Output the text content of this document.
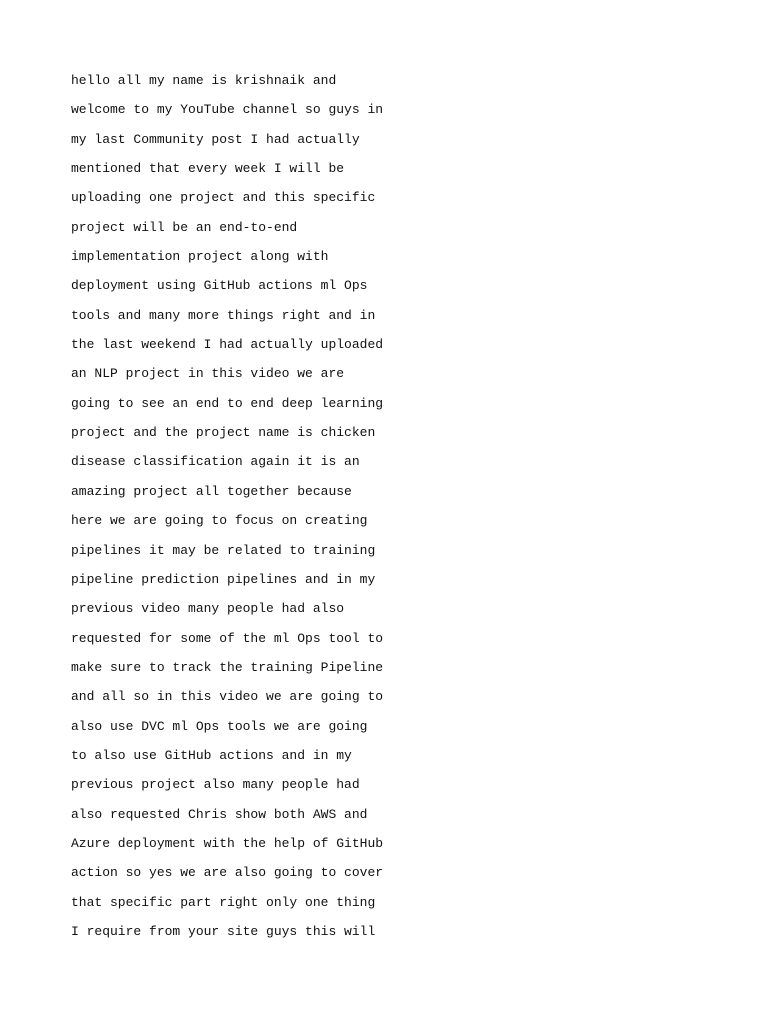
hello all my name is krishnaik and
welcome to my YouTube channel so guys in
my last Community post I had actually
mentioned that every week I will be
uploading one project and this specific
project will be an end-to-end
implementation project along with
deployment using GitHub actions ml Ops
tools and many more things right and in
the last weekend I had actually uploaded
an NLP project in this video we are
going to see an end to end deep learning
project and the project name is chicken
disease classification again it is an
amazing project all together because
here we are going to focus on creating
pipelines it may be related to training
pipeline prediction pipelines and in my
previous video many people had also
requested for some of the ml Ops tool to
make sure to track the training Pipeline
and all so in this video we are going to
also use DVC ml Ops tools we are going
to also use GitHub actions and in my
previous project also many people had
also requested Chris show both AWS and
Azure deployment with the help of GitHub
action so yes we are also going to cover
that specific part right only one thing
I require from your site guys this will
